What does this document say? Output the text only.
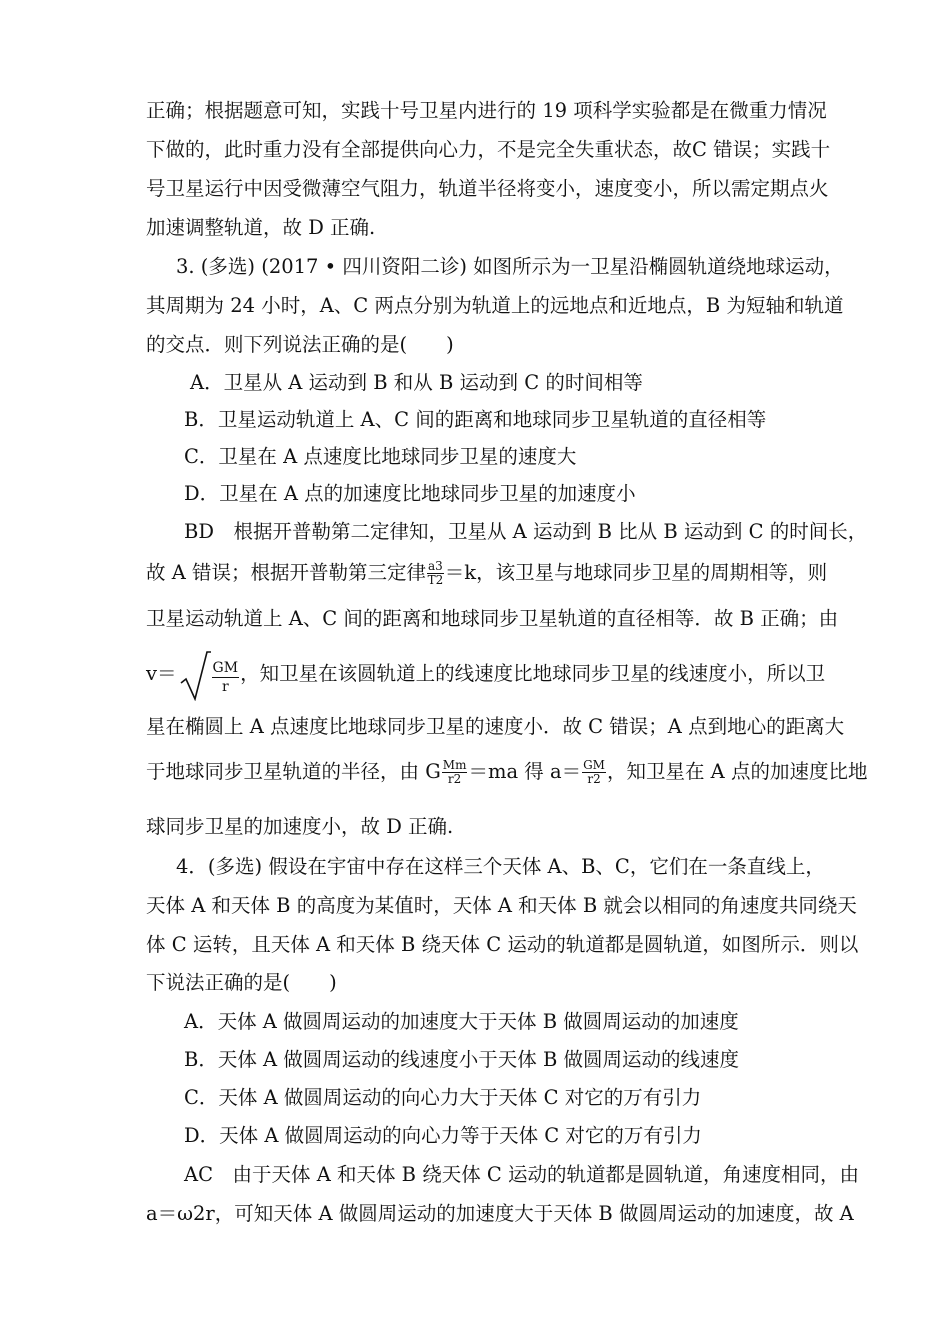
正确；根据题意可知，实践十号卫星内进行的 19 项科学实验都是在微重力情况
下做的，此时重力没有全部提供向心力，不是完全失重状态，故C 错误；实践十
号卫星运行中因受微薄空气阻力，轨道半径将变小，速度变小，所以需定期点火
加速调整轨道，故 D 正确.
3. (多选) (2017 • 四川资阳二诊) 如图所示为一卫星沿椭圆轨道绕地球运动，
其周期为 24 小时，A、C 两点分别为轨道上的远地点和近地点，B 为短轴和轨道
的交点．则下列说法正确的是(　　)
A．卫星从 A 运动到 B 和从 B 运动到 C 的时间相等
B．卫星运动轨道上 A、C 间的距离和地球同步卫星轨道的直径相等
C．卫星在 A 点速度比地球同步卫星的速度大
D．卫星在 A 点的加速度比地球同步卫星的加速度小
BD　根据开普勒第二定律知，卫星从 A 运动到 B 比从 B 运动到 C 的时间长，
故 A 错误；根据开普勒第三定律 $\frac{a3}{T2} =k$，该卫星与地球同步卫星的周期相等，则
卫星运动轨道上 A、C 间的距离和地球同步卫星轨道的直径相等．故 B 正确；由
v＝	$\frac{GM}{r}$ ，知卫星在该圆轨道上的线速度比地球同步卫星的线速度小，所以卫
星在椭圆上 A 点速度比地球同步卫星的速度小．故 C 错误；A 点到地心的距离大
于地球同步卫星轨道的半径，由 G $\frac{Mm}{r2} =ma$ 得 $a= \frac{GM}{r2}$ ，知卫星在 A 点的加速度比地
球同步卫星的加速度小，故 D 正确.
4．(多选) 假设在宇宙中存在这样三个天体 A、B、C，它们在一条直线上，
天体 A 和天体 B 的高度为某值时，天体 A 和天体 B 就会以相同的角速度共同绕天
体 C 运转，且天体 A 和天体 B 绕天体 C 运动的轨道都是圆轨道，如图所示．则以
下说法正确的是(　　)
A．天体 A 做圆周运动的加速度大于天体 B 做圆周运动的加速度
B．天体 A 做圆周运动的线速度小于天体 B 做圆周运动的线速度
C．天体 A 做圆周运动的向心力大于天体 C 对它的万有引力
D．天体 A 做圆周运动的向心力等于天体 C 对它的万有引力
AC　由于天体 A 和天体 B 绕天体 C 运动的轨道都是圆轨道，角速度相同，由
a＝ω2r，可知天体 A 做圆周运动的加速度大于天体 B 做圆周运动的加速度，故 A
